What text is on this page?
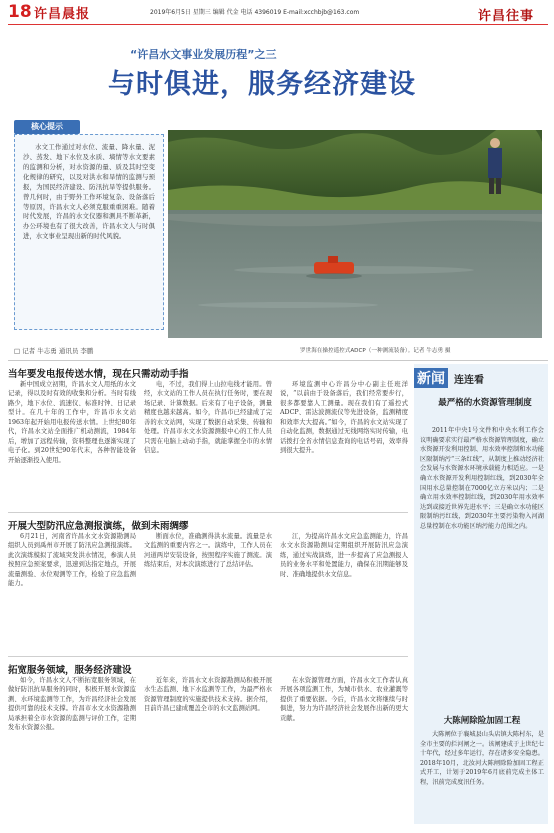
18 许昌晨报	2019年6月5日 星期三 编辑 代金 电话 4396019 E-mail:xcchbjb@163.com	许昌往事
“许昌水文事业发展历程”之三
与时俱进，服务经济建设
核心提示

水文工作通过对水位、流量、降水量、泥沙、蒸发、地下水位及水质、墒情等水文要素的监测和分析，对水资源的量、质及其时空变化规律的研究，以及对洪水和旱情的监测与预报，为国民经济建设、防汛抗旱等提供服务。曾几何时，由于野外工作环境复杂、设备落后等原因，许昌水文人必须克服重重困难。随着时代发展，许昌的水文仪器和测具不断革新，办公环境也有了很大改善，许昌水文人与时俱进，水文事业呈现出新的时代风貌。

罗世海在操控遥控式ADCP（一种测流装备）。记者 牛志勇 摄
□ 记者 牛志勇 通讯员 李鹏
当年要发电报传送水情，现在只需动动手指

新中国成立初期，许昌水文人用纸的水文记录，得以及时有效的收集和分析。当时有线路少，地下水位、流速仪、标准时钟、日记录型计。在几十年的工作中，许昌市水文站1963年起开始用电报传送水情。上世纪80年代，许昌水文站全面推广机动测流，1984年后，增加了远程传输，资料整理也逐渐实现了电子化。到20世纪90年代末，各种智能设备开始逐渐投入使用。

电，不过，我们得上山拉电线才能用。曾经，水文站的工作人员在执行任务时，要在现场记录、计算数据。后来有了电子设备，测量精度也越来越高。如今，许昌市已经建成了完善的水文站网，实现了数据自动采集、传输和处理。许昌市水文水资源测报中心的工作人员只需在电脑上动动手指，就能掌握全市的水情信息。

环境监测中心许昌分中心副主任班洋说，“以前由于设备落后，我们经常要步行，很多都要靠人工测量。现在我们有了遥控式ADCP、雷达波测流仪等先进设备，监测精度和效率大大提高。”如今，许昌的水文站实现了自动化监测，数据通过无线网络实时传输，电话拨打全省水情信息查询的电话号码，效率得到很大提升。

开展大型防汛应急测报演练，做到未雨绸缪

6月21日，河南省许昌水文水资源勘测局组织人员到禹州市开展了防汛应急测报演练。此次演练模拟了流域突发洪水情况，参演人员按照应急预案要求，迅速到达指定地点，开展流量测验、水位观测等工作，检验了应急监测能力。

断面水位，准确测得洪水流量。流量是水文监测的重要内容之一。演练中，工作人员在河道两岸安装设备，按照程序实施了测流。演练结束后，对本次演练进行了总结评估。

江，为提高许昌水文应急监测能力，许昌水文水资源勘测局定期组织开展防汛应急演练，通过实战演练，进一步提高了应急测报人员的业务水平和处置能力，确保在汛期能够及时、准确地提供水文信息。

拓宽服务领域，服务经济建设

如今，许昌水文人不断拓宽服务领域，在做好防汛抗旱服务的同时，积极开展水资源监测、水环境监测等工作，为许昌经济社会发展提供可靠的技术支撑。许昌市水文水资源勘测局承担着全市水资源的监测与评价工作，定期发布水资源公报。

近年来，许昌水文水资源勘测局积极开展水生态监测、地下水监测等工作，为最严格水资源管理制度的实施提供技术支持。据介绍，目前许昌已建成覆盖全市的水文监测站网。

在水资源管理方面，许昌水文工作者认真开展各项监测工作，为城市供水、农业灌溉等提供了重要依据。今后，许昌水文将继续与时俱进，努力为许昌经济社会发展作出新的更大贡献。

新闻 连连看
最严格的水资源管理制度
2011年中央1号文件和中央水利工作会议明确要求实行最严格水资源管理制度，确立水资源开发利用控制、用水效率控制和水功能区限制纳污“三条红线”，从制度上推动经济社会发展与水资源水环境承载能力相适应。一是确立水资源开发利用控制红线，到2030年全国用水总量控制在7000亿立方米以内；二是确立用水效率控制红线，到2030年用水效率达到或接近世界先进水平；三是确立水功能区限制纳污红线，到2030年主要污染物入河湖总量控制在水功能区纳污能力范围之内。
大陈闸除险加固工程
大陈闸位于襄城县山头店镇大陈村东，是全市主要的拦河闸之一。该闸建成于上世纪七十年代，经过多年运行，存在诸多安全隐患。2018年10月，北汝河大陈闸除险加固工程正式开工，计划于2019年6月底前完成主体工程，汛前完成度汛任务。
